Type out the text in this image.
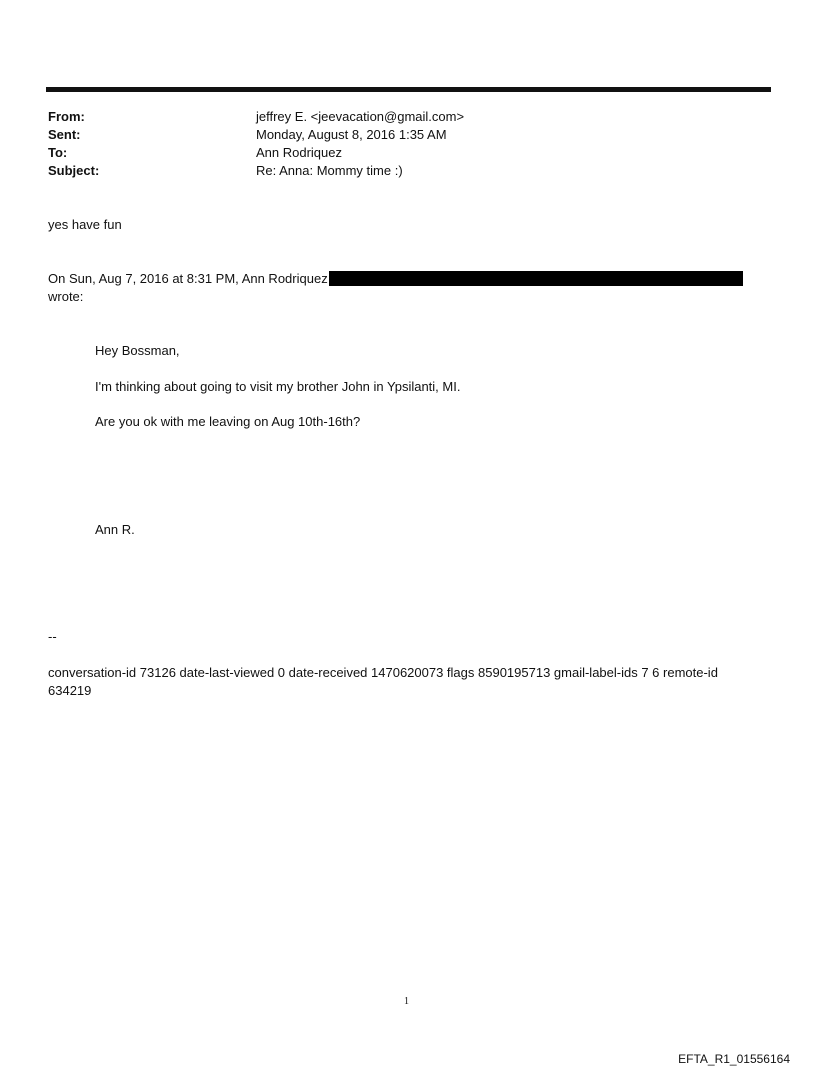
From:	jeffrey E. <jeevacation@gmail.com>
Sent:	Monday, August 8, 2016 1:35 AM
To:	Ann Rodriquez
Subject:	Re: Anna: Mommy time :)
yes have fun
On Sun, Aug 7, 2016 at 8:31 PM, Ann Rodriquez
wrote:
Hey Bossman,
I'm thinking about going to visit my brother John in Ypsilanti, MI.
Are you ok with me leaving on Aug 10th-16th?
Ann R.
--
conversation-id 73126 date-last-viewed 0 date-received 1470620073 flags 8590195713 gmail-label-ids 7 6 remote-id
634219
1
EFTA_R1_01556164
